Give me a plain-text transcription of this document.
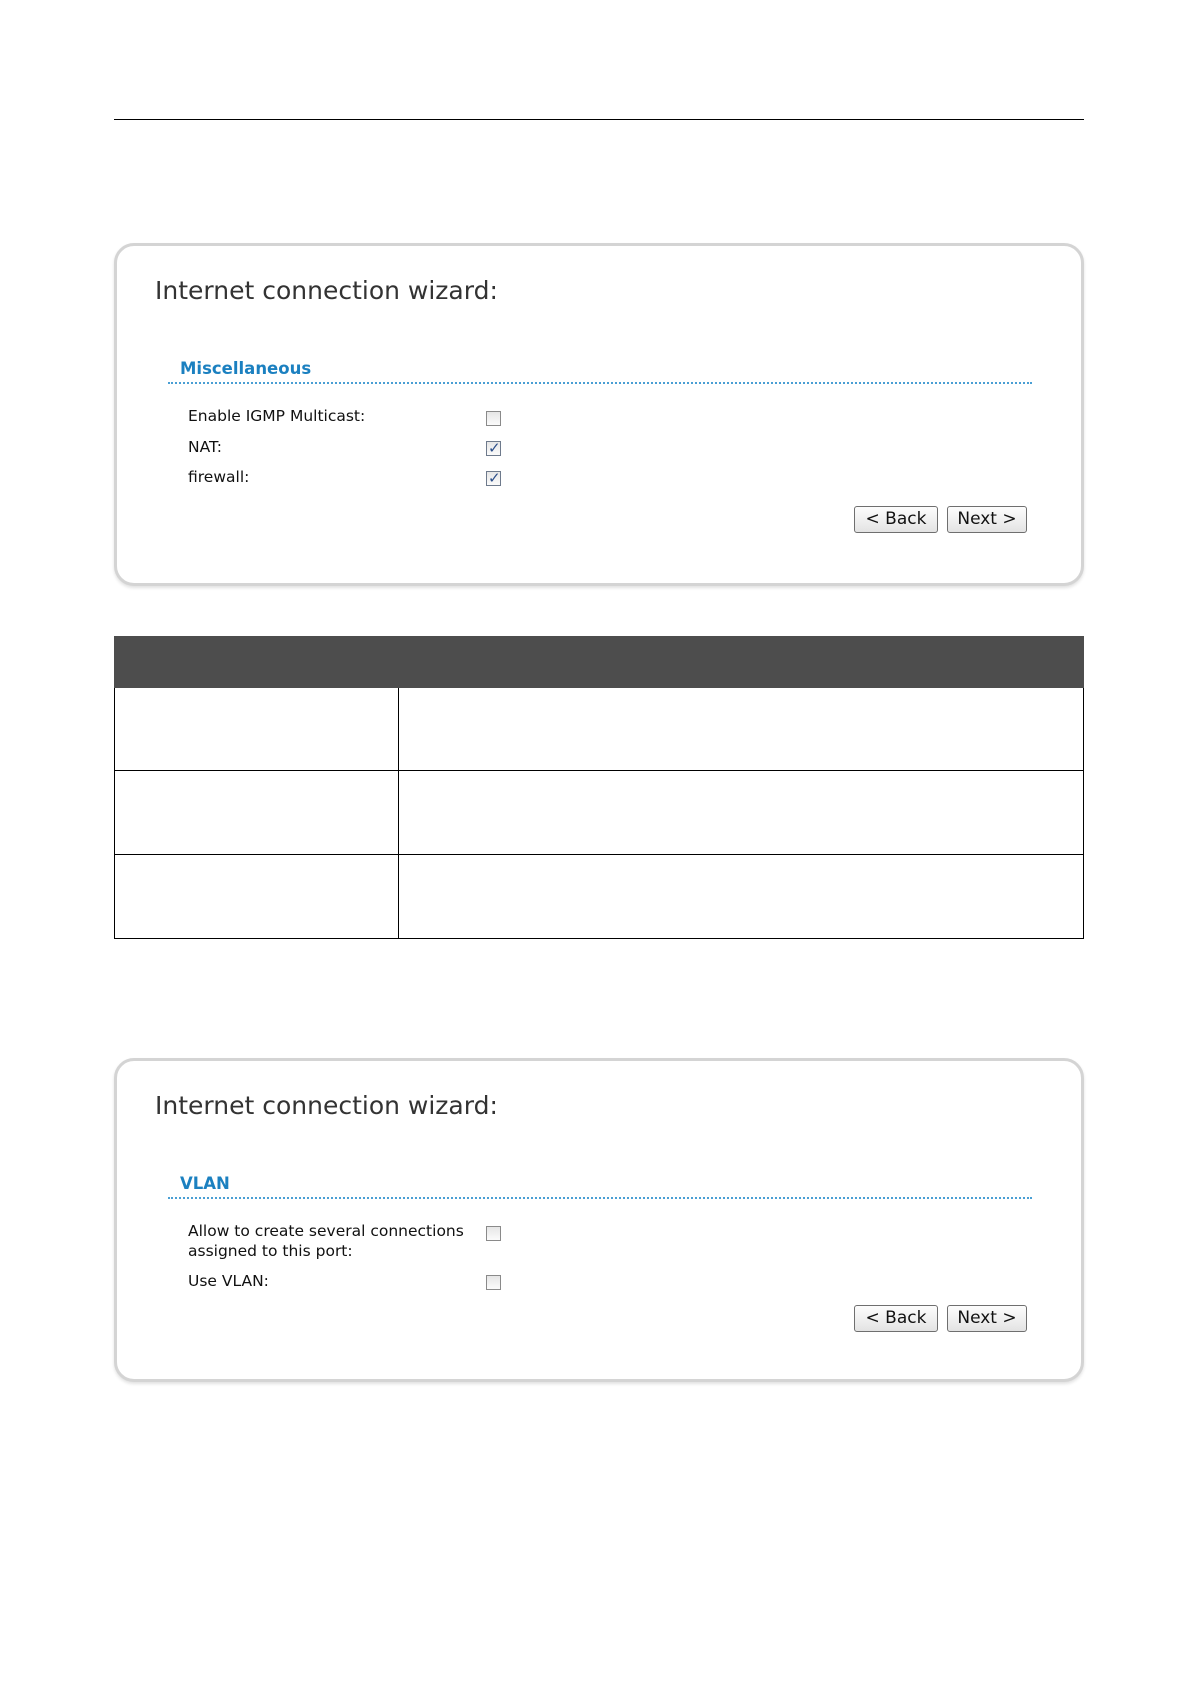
Internet connection wizard:
Miscellaneous
Enable IGMP Multicast:
NAT:	✓
firewall:	✓
< Back	Next >
Internet connection wizard:
VLAN
Allow to create several connections assigned to this port:
Use VLAN:
< Back	Next >
